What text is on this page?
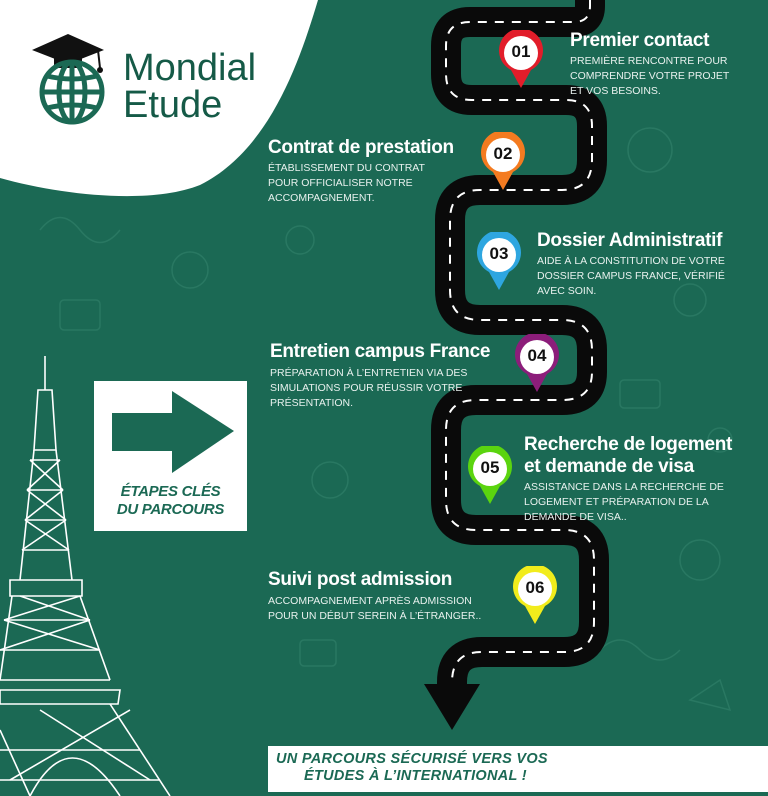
Mondial
Etude
01
02
03
04
05
06
Premier contact
PREMIÈRE RENCONTRE POUR
COMPRENDRE VOTRE PROJET
ET VOS BESOINS.
Contrat de prestation
ÉTABLISSEMENT DU CONTRAT
POUR OFFICIALISER NOTRE
ACCOMPAGNEMENT.
Dossier Administratif
AIDE À LA CONSTITUTION DE VOTRE
DOSSIER CAMPUS FRANCE, VÉRIFIÉ
AVEC SOIN.
Entretien campus France
PRÉPARATION À L’ENTRETIEN VIA DES
SIMULATIONS POUR RÉUSSIR VOTRE
PRÉSENTATION.
Recherche de logement
et demande de visa
ASSISTANCE DANS LA RECHERCHE DE
LOGEMENT ET PRÉPARATION DE LA
DEMANDE DE VISA..
Suivi post admission
ACCOMPAGNEMENT APRÈS ADMISSION
POUR UN DÉBUT SEREIN À L’ÉTRANGER..
ÉTAPES CLÉS
DU PARCOURS
UN PARCOURS SÉCURISÉ VERS VOS
ÉTUDES À L’INTERNATIONAL !
